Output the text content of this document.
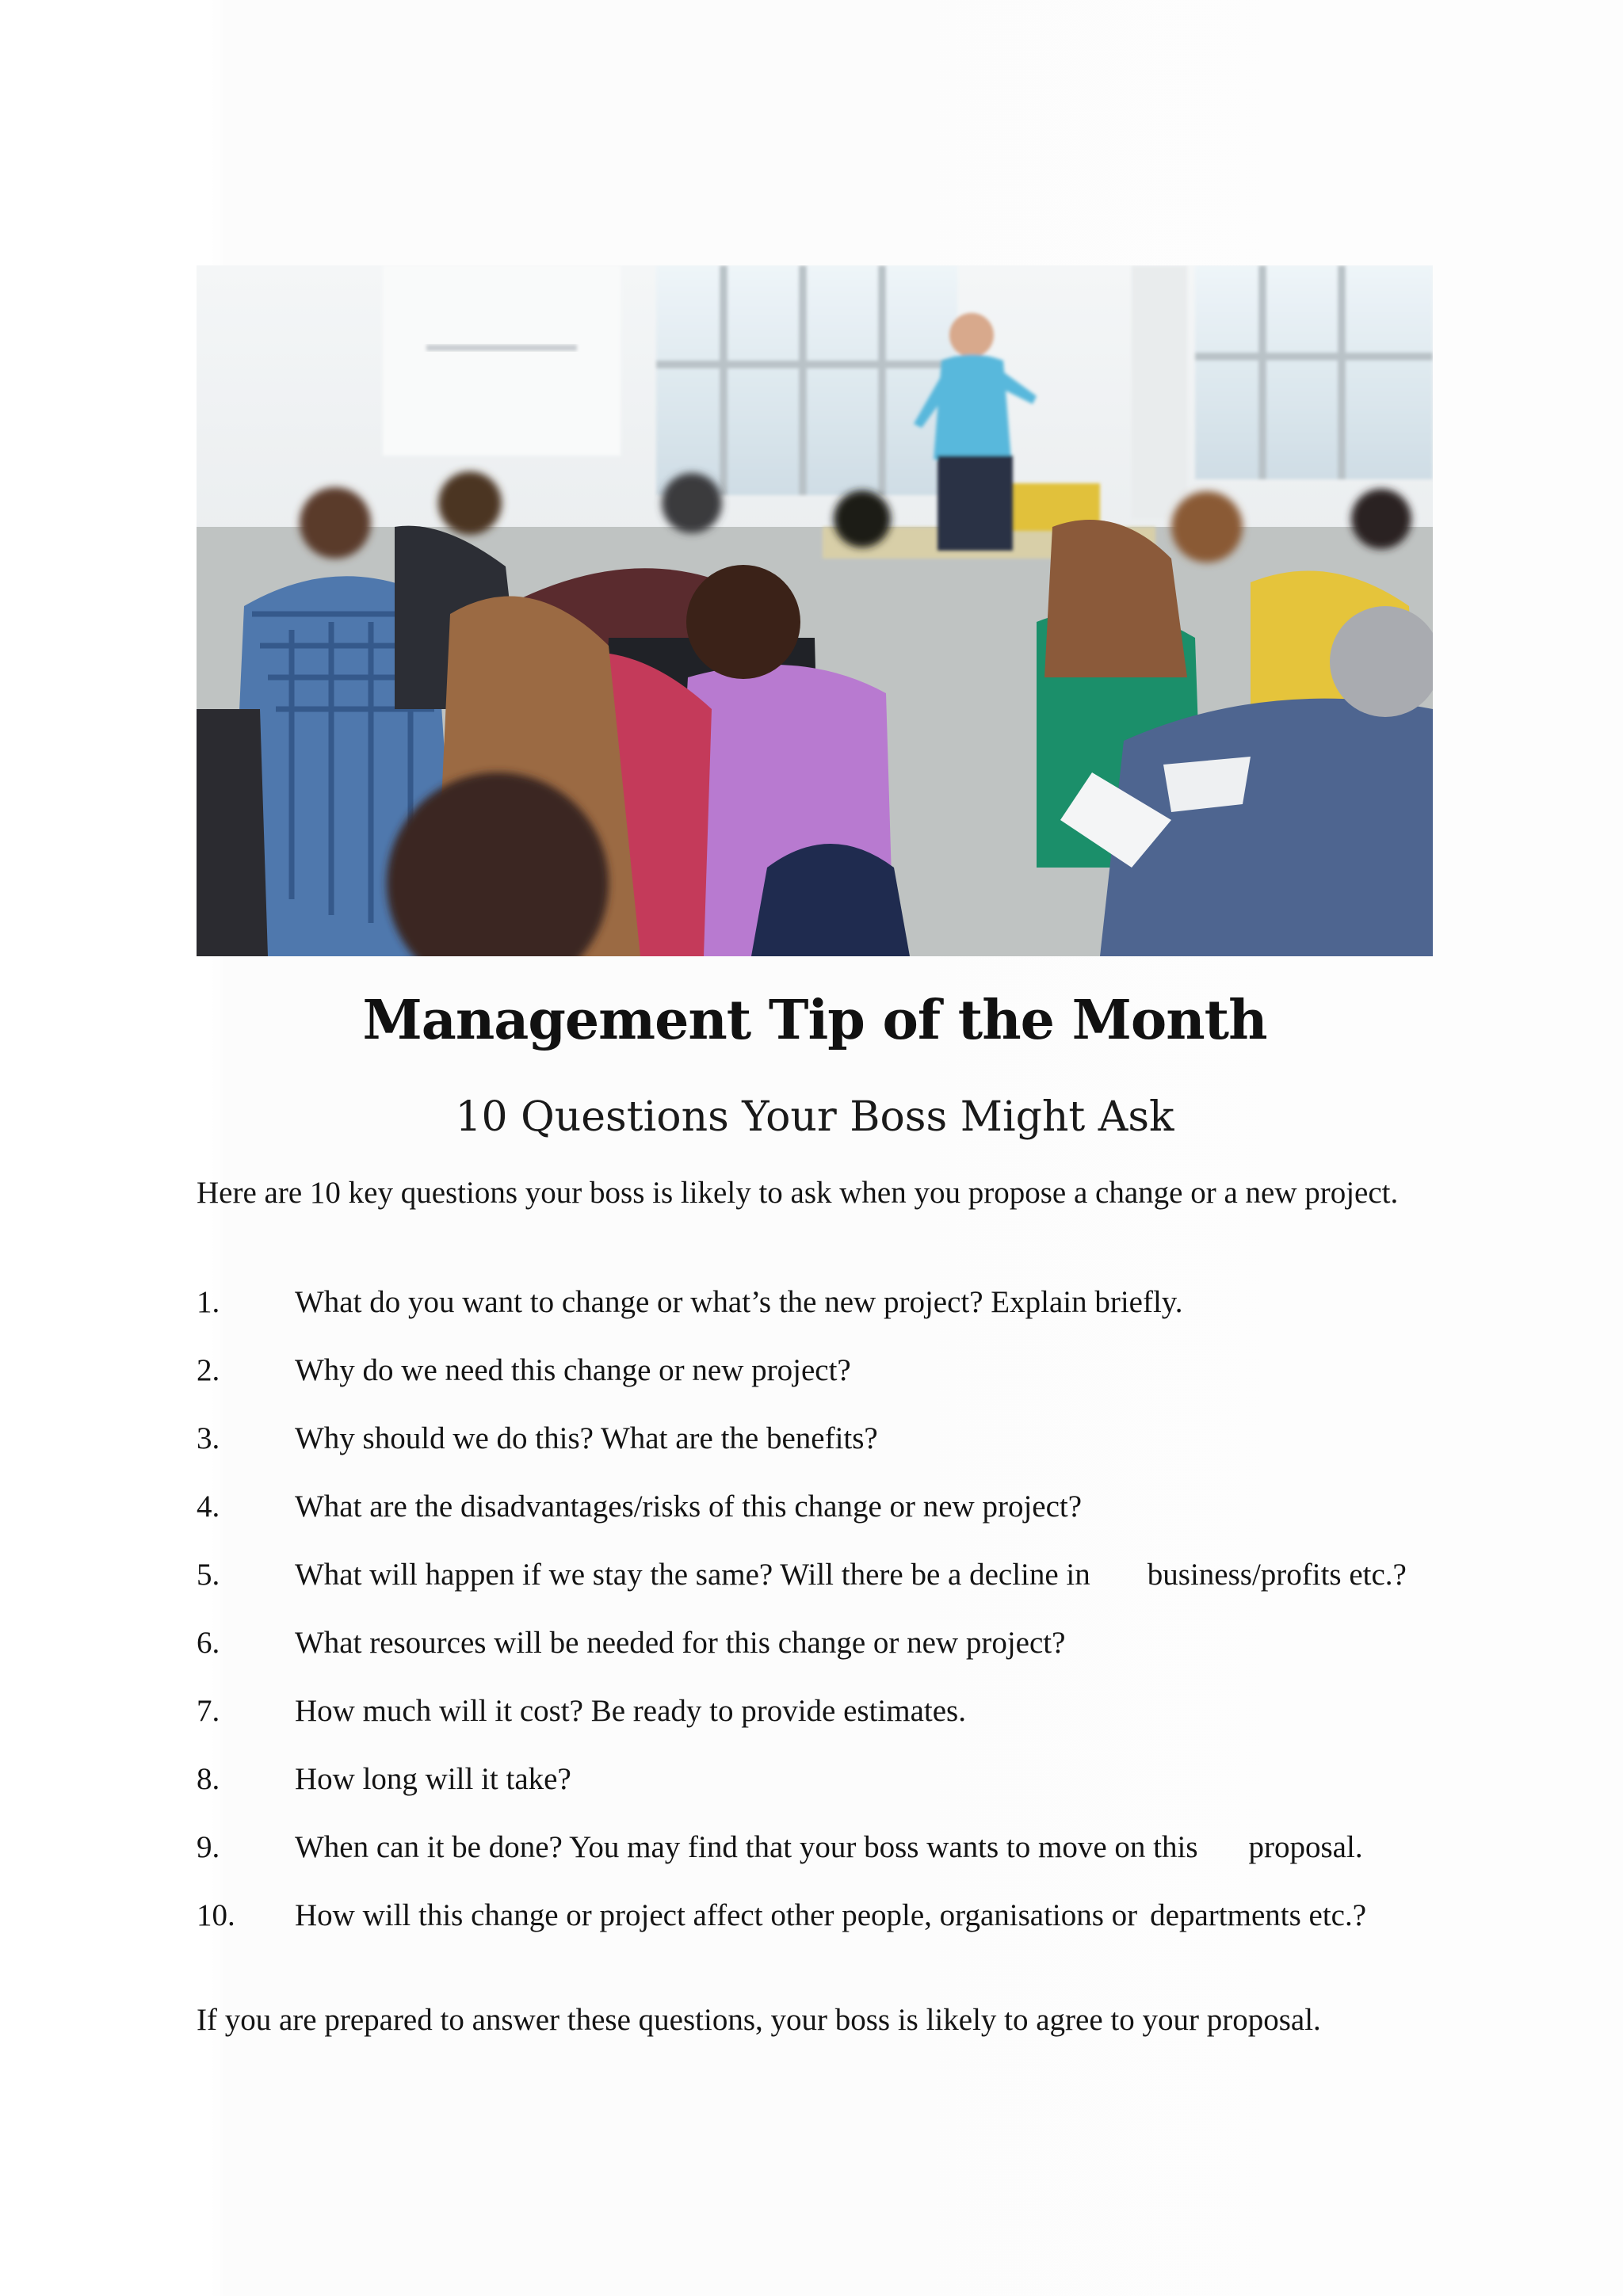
Management Tip of the Month
10 Questions Your Boss Might Ask

Here are 10 key questions your boss is likely to ask when you propose a change or a new project.

1.	What do you want to change or what’s the new project? Explain briefly.
2.	Why do we need this change or new project?
3.	Why should we do this? What are the benefits?
4.	What are the disadvantages/risks of this change or new project?
5.	What will happen if we stay the same? Will there be a decline in business/profits etc.?
6.	What resources will be needed for this change or new project?
7.	How much will it cost? Be ready to provide estimates.
8.	How long will it take?
9.	When can it be done? You may find that your boss wants to move on this proposal.
10.	How will this change or project affect other people, organisations or departments etc.?

If you are prepared to answer these questions, your boss is likely to agree to your proposal.
